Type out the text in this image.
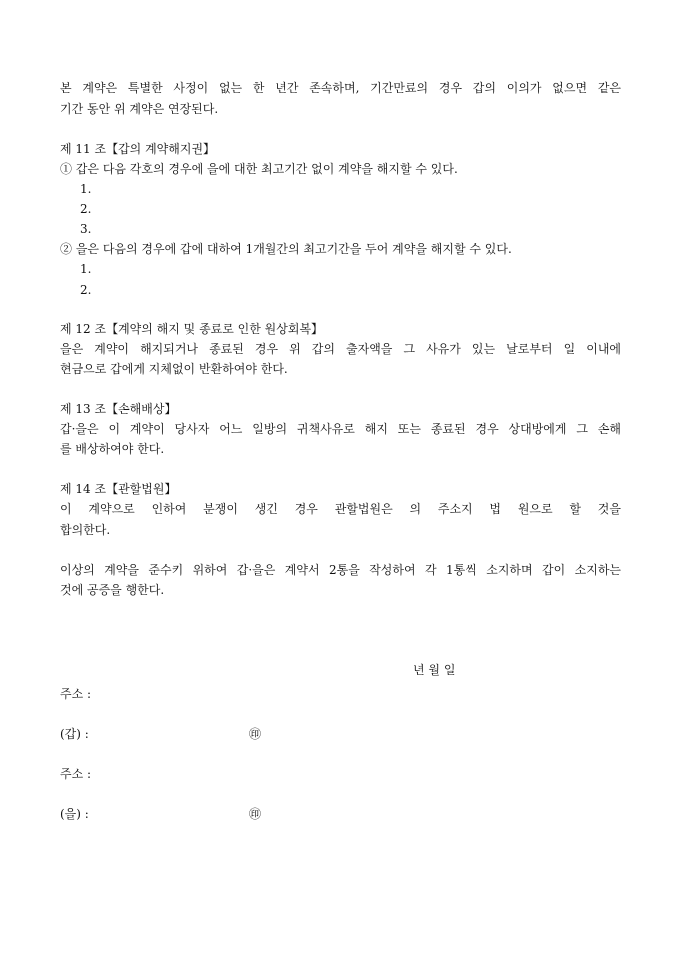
본 계약은 특별한 사정이 없는 한 년간 존속하며, 기간만료의 경우 갑의 이의가 없으면 같은
기간 동안 위 계약은 연장된다.
제 11 조【갑의 계약해지권】
① 갑은 다음 각호의 경우에 을에 대한 최고기간 없이 계약을 해지할 수 있다.
1.
2.
3.
② 을은 다음의 경우에 갑에 대하여 1개월간의 최고기간을 두어 계약을 해지할 수 있다.
1.
2.
제 12 조【계약의 해지 및 종료로 인한 원상회복】
을은 계약이 해지되거나 종료된 경우 위 갑의 출자액을 그 사유가 있는 날로부터 일 이내에
현금으로 갑에게 지체없이 반환하여야 한다.
제 13 조【손해배상】
갑·을은 이 계약이 당사자 어느 일방의 귀책사유로 해지 또는 종료된 경우 상대방에게 그 손해
를 배상하여야 한다.
제 14 조【관할법원】
이 계약으로 인하여 분쟁이 생긴 경우 관할법원은 의 주소지 법 원으로 할 것을
합의한다.
이상의 계약을 준수키 위하여 갑·을은 계약서 2통을 작성하여 각 1통씩 소지하며 갑이 소지하는
것에 공증을 행한다.
년 월 일
주소 :
(갑) :	㊞
주소 :
(을) :	㊞
